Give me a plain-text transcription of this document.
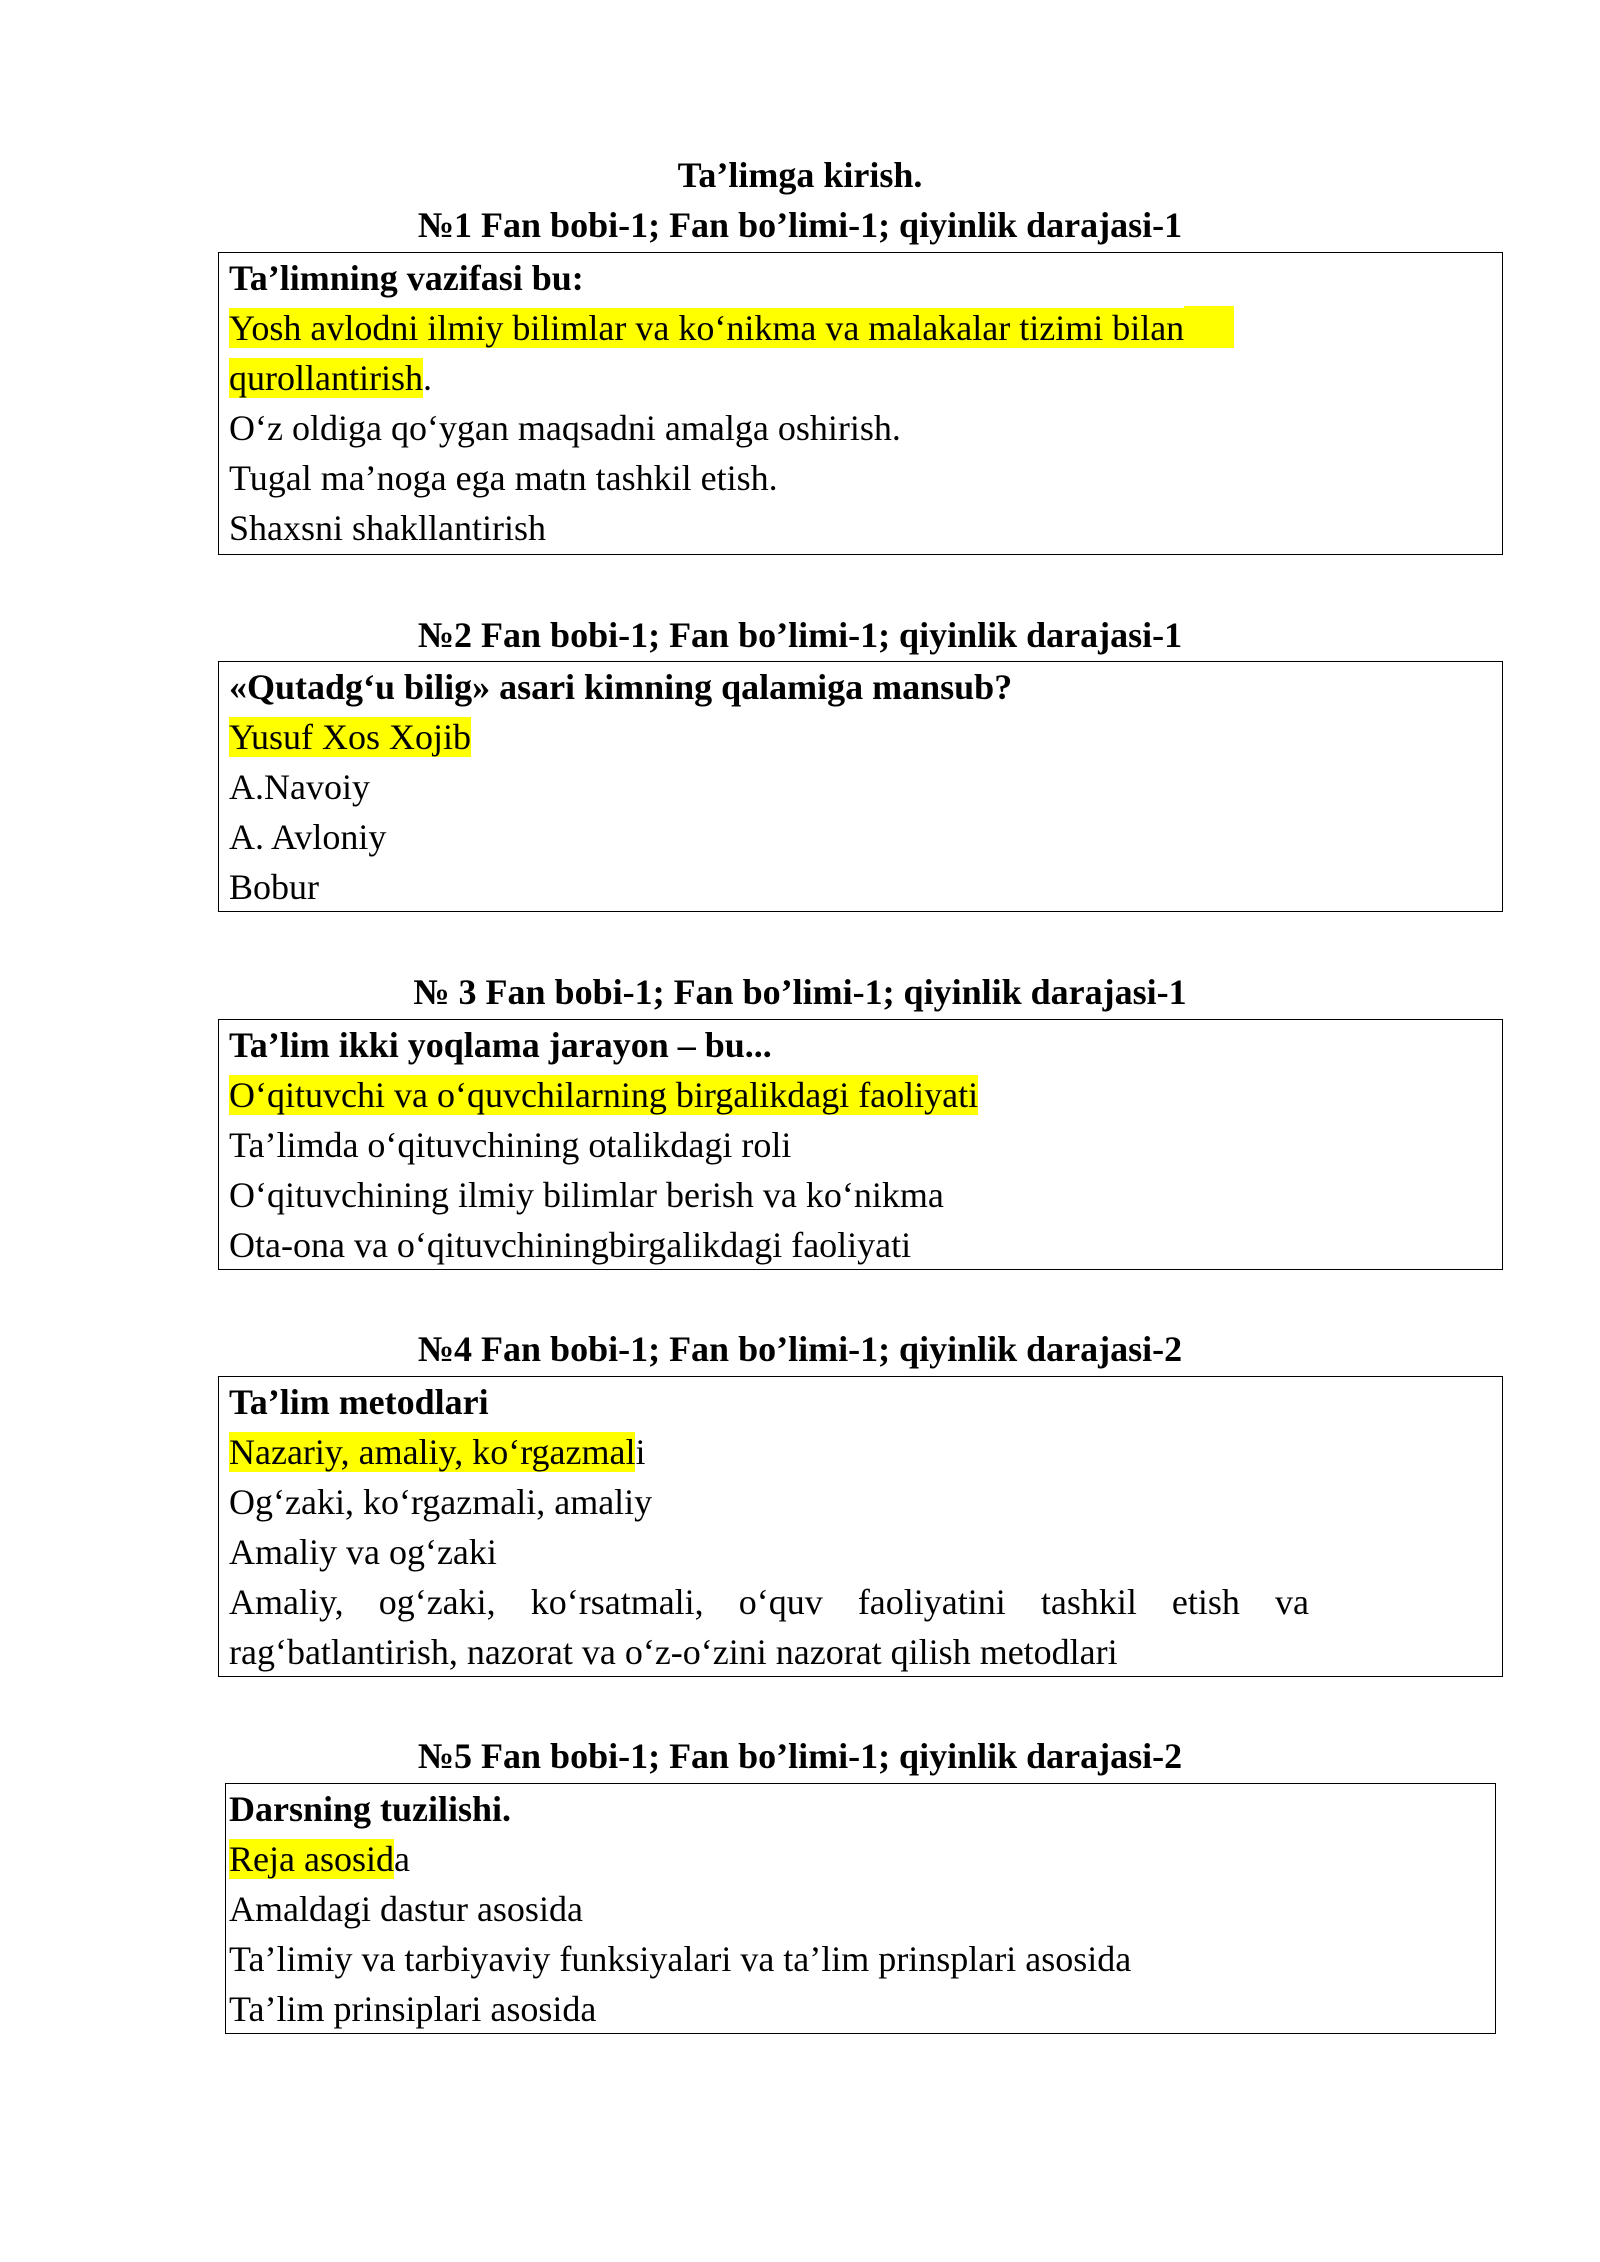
Ta’limga kirish.
№1 Fan bobi-1; Fan bo’limi-1; qiyinlik darajasi-1
Ta’limning vazifasi bu:
Yosh avlodni ilmiy bilimlar va ko‘nikma va malakalar tizimi bilan
qurollantirish.
O‘z oldiga qo‘ygan maqsadni amalga oshirish.
Tugal ma’noga ega matn tashkil etish.
Shaxsni shakllantirish
№2 Fan bobi-1; Fan bo’limi-1; qiyinlik darajasi-1
«Qutadg‘u bilig» asari kimning qalamiga mansub?
Yusuf Xos Xojib
A.Navoiy
A. Avloniy
Bobur
№ 3 Fan bobi-1; Fan bo’limi-1; qiyinlik darajasi-1
Ta’lim ikki yoqlama jarayon – bu...
O‘qituvchi va o‘quvchilarning birgalikdagi faoliyati
Ta’limda o‘qituvchining otalikdagi roli
O‘qituvchining ilmiy bilimlar berish va ko‘nikma
Ota-ona va o‘qituvchiningbirgalikdagi faoliyati
№4 Fan bobi-1; Fan bo’limi-1; qiyinlik darajasi-2
Ta’lim metodlari
Nazariy, amaliy, ko‘rgazmali
Og‘zaki, ko‘rgazmali, amaliy
Amaliy va og‘zaki
Amaliy, og‘zaki, ko‘rsatmali, o‘quv faoliyatini tashkil etish va
rag‘batlantirish, nazorat va o‘z-o‘zini nazorat qilish metodlari
№5 Fan bobi-1; Fan bo’limi-1; qiyinlik darajasi-2
Darsning tuzilishi.
Reja asosida
Amaldagi dastur asosida
Ta’limiy va tarbiyaviy funksiyalari va ta’lim prinsplari asosida
Ta’lim prinsiplari asosida
